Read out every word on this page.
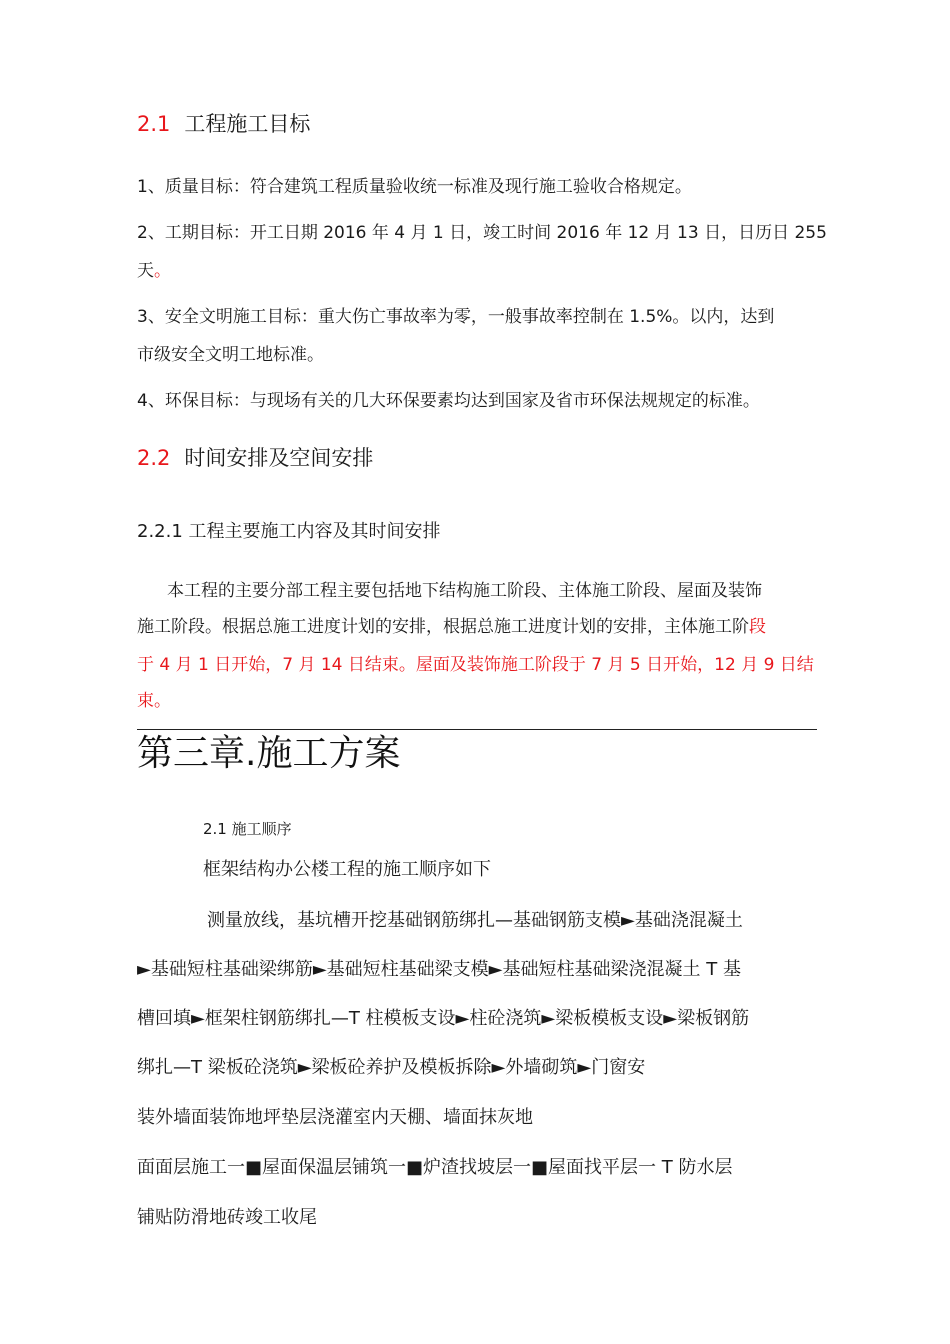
2.1 工程施工目标
1、质量目标：符合建筑工程质量验收统一标准及现行施工验收合格规定。
2、工期目标：开工日期 2016 年 4 月 1 日，竣工时间 2016 年 12 月 13 日，日历日 255
天。
3、安全文明施工目标：重大伤亡事故率为零，一般事故率控制在 1.5%。以内，达到
市级安全文明工地标准。
4、环保目标：与现场有关的几大环保要素均达到国家及省市环保法规规定的标准。
2.2 时间安排及空间安排
2.2.1 工程主要施工内容及其时间安排
本工程的主要分部工程主要包括地下结构施工阶段、主体施工阶段、屋面及装饰
施工阶段。根据总施工进度计划的安排，根据总施工进度计划的安排，主体施工阶段
于 4 月 1 日开始，7 月 14 日结束。屋面及装饰施工阶段于 7 月 5 日开始，12 月 9 日结
束。
第三章.施工方案
2.1 施工顺序
框架结构办公楼工程的施工顺序如下
测量放线，基坑槽开挖基础钢筋绑扎—基础钢筋支模►基础浇混凝土
►基础短柱基础梁绑筋►基础短柱基础梁支模►基础短柱基础梁浇混凝土 T 基
槽回填►框架柱钢筋绑扎—T 柱模板支设►柱砼浇筑►梁板模板支设►梁板钢筋
绑扎—T 梁板砼浇筑►梁板砼养护及模板拆除►外墙砌筑►门窗安
装外墙面装饰地坪垫层浇灌室内天棚、墙面抹灰地
面面层施工一■屋面保温层铺筑一■炉渣找坡层一■屋面找平层一 T 防水层
铺贴防滑地砖竣工收尾
